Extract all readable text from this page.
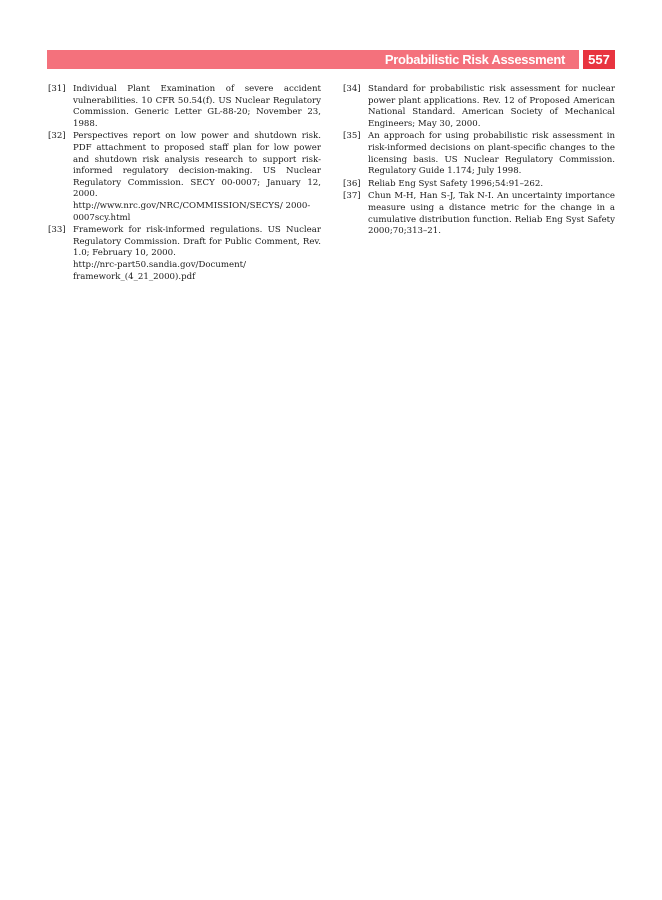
Probabilistic Risk Assessment	557
[31] Individual Plant Examination of severe accident vulnerabilities. 10 CFR 50.54(f). US Nuclear Regulatory Commission. Generic Letter GL-88-20; November 23, 1988.
[32] Perspectives report on low power and shutdown risk. PDF attachment to proposed staff plan for low power and shutdown risk analysis research to support risk-informed regulatory decision-making. US Nuclear Regulatory Commission. SECY 00-0007; January 12, 2000.
http://www.nrc.gov/NRC/COMMISSION/SECYS/ 2000-0007scy.html
[33] Framework for risk-informed regulations. US Nuclear Regulatory Commission. Draft for Public Comment, Rev. 1.0; February 10, 2000.
http://nrc-part50.sandia.gov/Document/ framework_(4_21_2000).pdf
[34] Standard for probabilistic risk assessment for nuclear power plant applications. Rev. 12 of Proposed American National Standard. American Society of Mechanical Engineers; May 30, 2000.
[35] An approach for using probabilistic risk assessment in risk-informed decisions on plant-specific changes to the licensing basis. US Nuclear Regulatory Commission. Regulatory Guide 1.174; July 1998.
[36] Reliab Eng Syst Safety 1996;54:91–262.
[37] Chun M-H, Han S-J, Tak N-I. An uncertainty importance measure using a distance metric for the change in a cumulative distribution function. Reliab Eng Syst Safety 2000;70;313–21.
